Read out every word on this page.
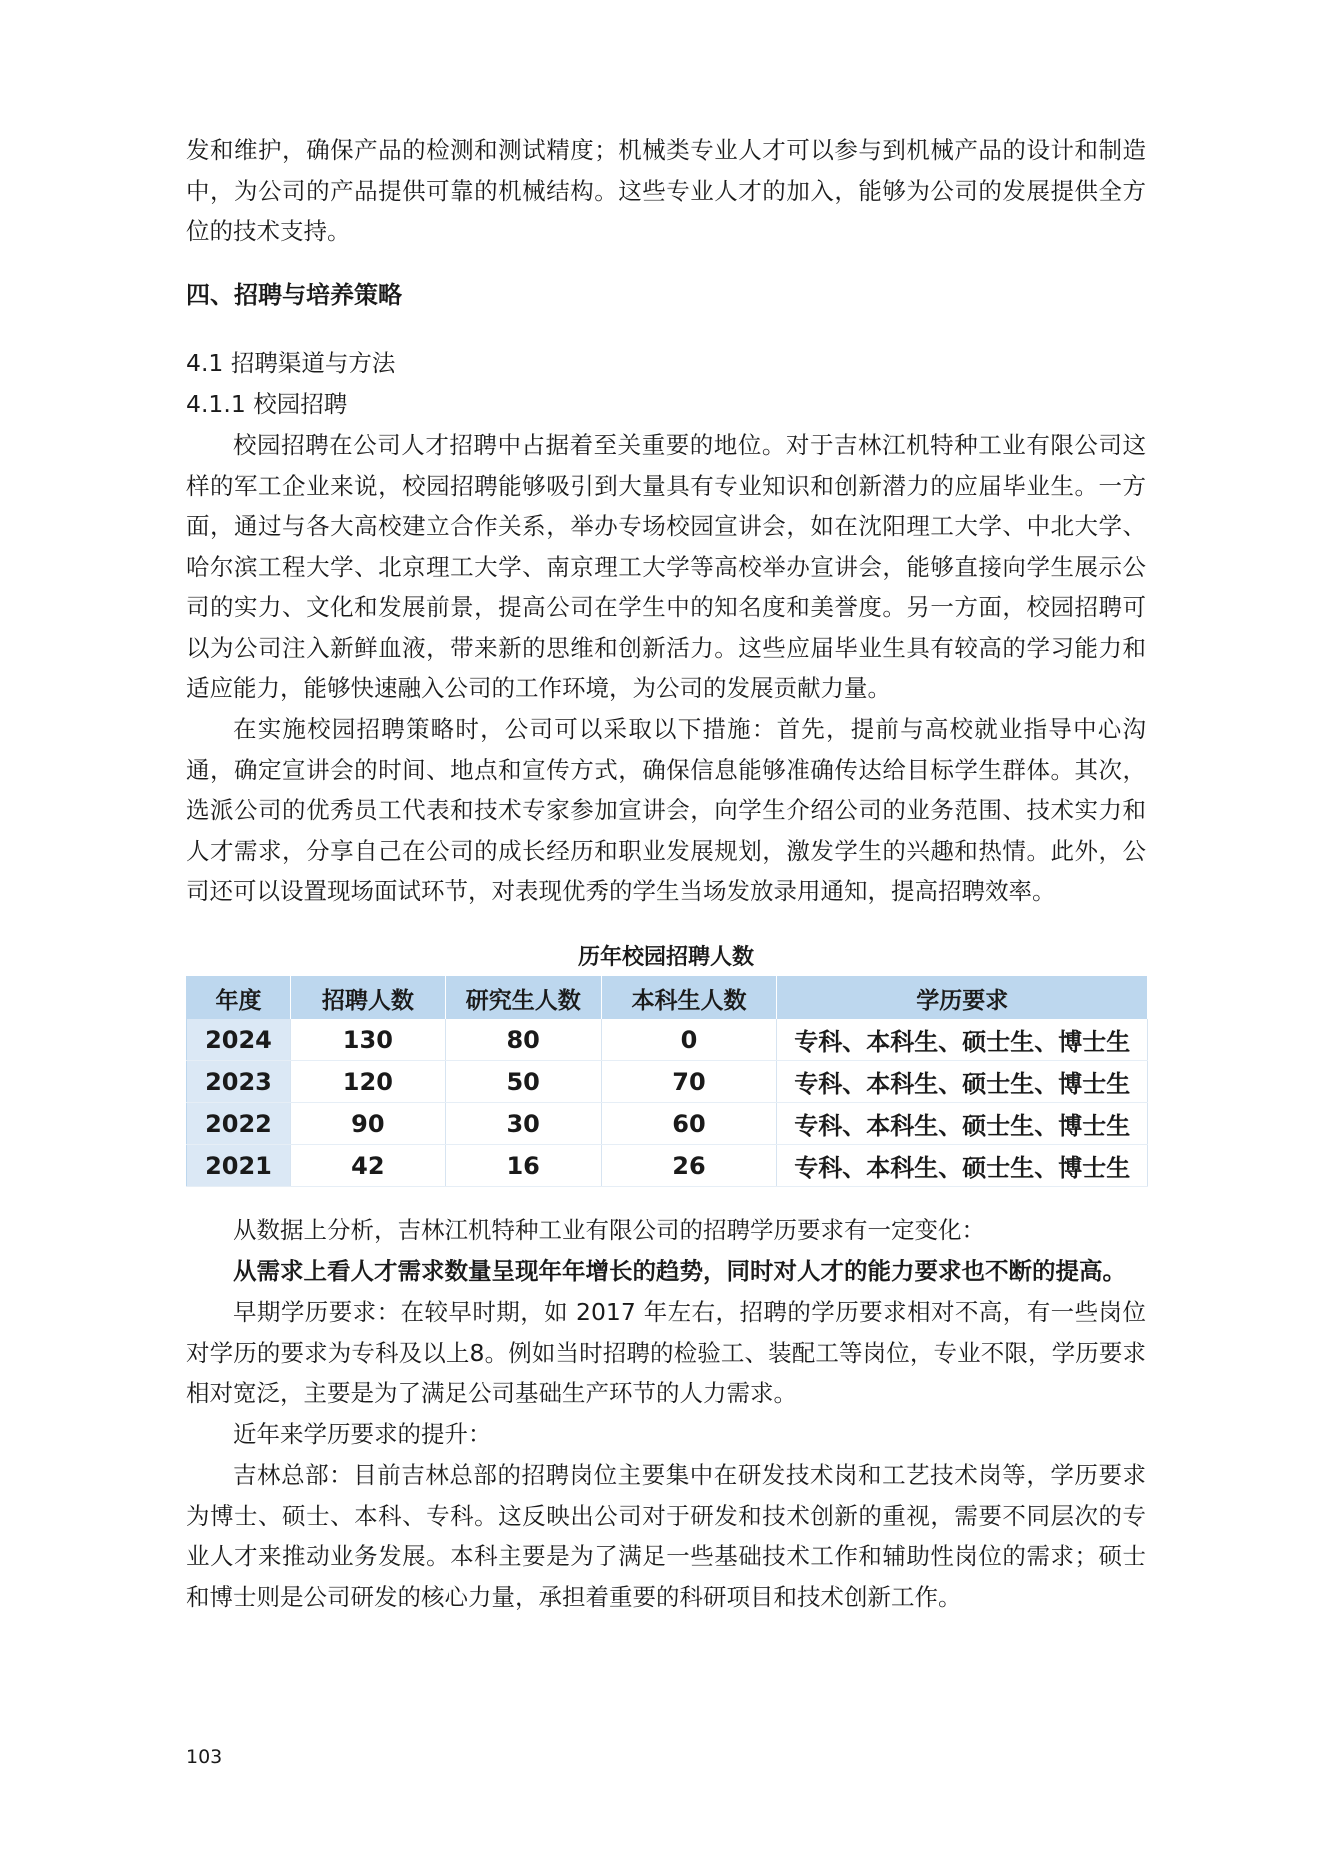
发和维护，确保产品的检测和测试精度；机械类专业人才可以参与到机械产品的设计和制造中，为公司的产品提供可靠的机械结构。这些专业人才的加入，能够为公司的发展提供全方位的技术支持。

四、招聘与培养策略

4.1 招聘渠道与方法

4.1.1 校园招聘

校园招聘在公司人才招聘中占据着至关重要的地位。对于吉林江机特种工业有限公司这样的军工企业来说，校园招聘能够吸引到大量具有专业知识和创新潜力的应届毕业生。一方面，通过与各大高校建立合作关系，举办专场校园宣讲会，如在沈阳理工大学、中北大学、哈尔滨工程大学、北京理工大学、南京理工大学等高校举办宣讲会，能够直接向学生展示公司的实力、文化和发展前景，提高公司在学生中的知名度和美誉度。另一方面，校园招聘可以为公司注入新鲜血液，带来新的思维和创新活力。这些应届毕业生具有较高的学习能力和适应能力，能够快速融入公司的工作环境，为公司的发展贡献力量。

在实施校园招聘策略时，公司可以采取以下措施：首先，提前与高校就业指导中心沟通，确定宣讲会的时间、地点和宣传方式，确保信息能够准确传达给目标学生群体。其次，选派公司的优秀员工代表和技术专家参加宣讲会，向学生介绍公司的业务范围、技术实力和人才需求，分享自己在公司的成长经历和职业发展规划，激发学生的兴趣和热情。此外，公司还可以设置现场面试环节，对表现优秀的学生当场发放录用通知，提高招聘效率。

历年校园招聘人数

年度	招聘人数	研究生人数	本科生人数	学历要求
2024	130	80	0	专科、本科生、硕士生、博士生
2023	120	50	70	专科、本科生、硕士生、博士生
2022	90	30	60	专科、本科生、硕士生、博士生
2021	42	16	26	专科、本科生、硕士生、博士生

从数据上分析，吉林江机特种工业有限公司的招聘学历要求有一定变化：

从需求上看人才需求数量呈现年年增长的趋势，同时对人才的能力要求也不断的提高。

早期学历要求：在较早时期，如 2017 年左右，招聘的学历要求相对不高，有一些岗位对学历的要求为专科及以上8。例如当时招聘的检验工、装配工等岗位，专业不限，学历要求相对宽泛，主要是为了满足公司基础生产环节的人力需求。

近年来学历要求的提升：

吉林总部：目前吉林总部的招聘岗位主要集中在研发技术岗和工艺技术岗等，学历要求为博士、硕士、本科、专科。这反映出公司对于研发和技术创新的重视，需要不同层次的专业人才来推动业务发展。本科主要是为了满足一些基础技术工作和辅助性岗位的需求；硕士和博士则是公司研发的核心力量，承担着重要的科研项目和技术创新工作。

103
